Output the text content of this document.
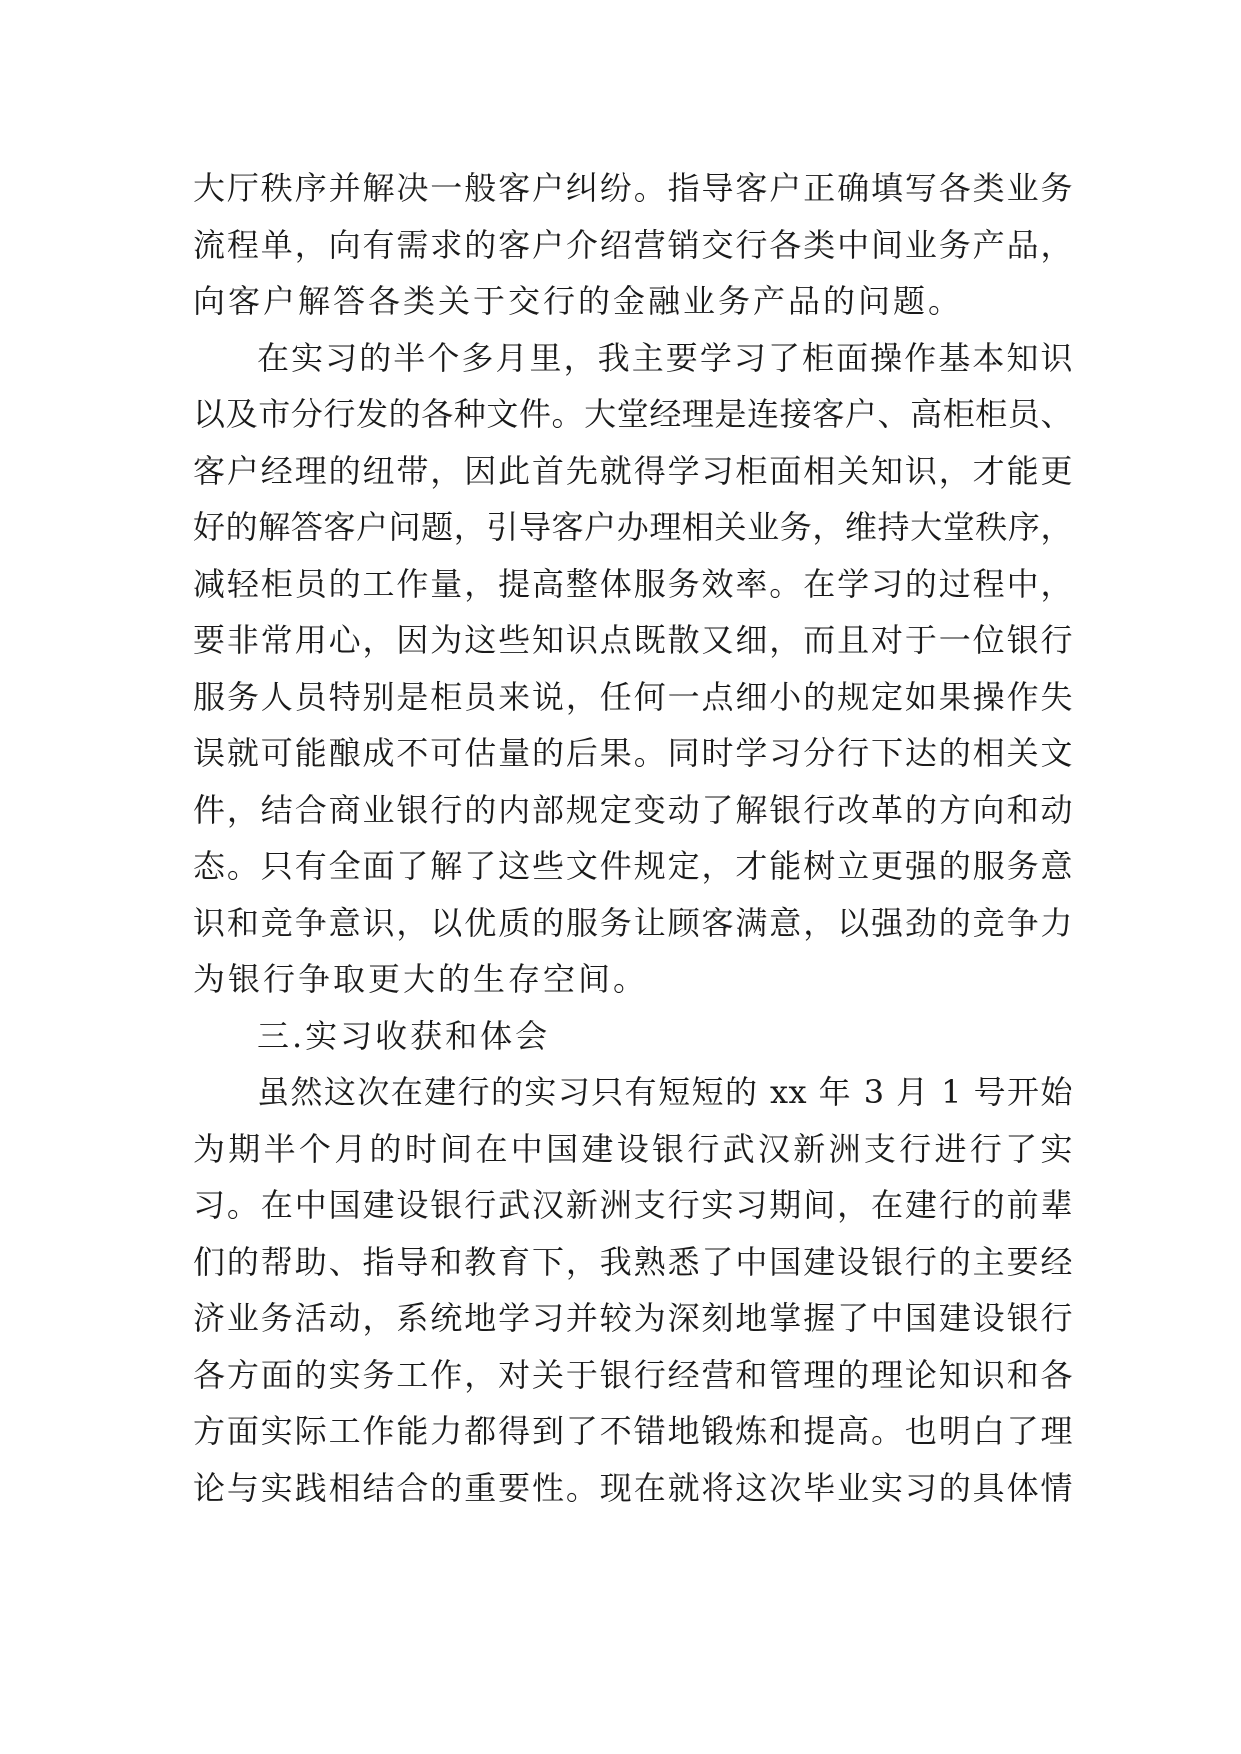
大厅秩序并解决一般客户纠纷。指导客户正确填写各类业务
流程单，向有需求的客户介绍营销交行各类中间业务产品，
向客户解答各类关于交行的金融业务产品的问题。
在实习的半个多月里，我主要学习了柜面操作基本知识
以及市分行发的各种文件。大堂经理是连接客户、高柜柜员、
客户经理的纽带，因此首先就得学习柜面相关知识，才能更
好的解答客户问题，引导客户办理相关业务，维持大堂秩序，
减轻柜员的工作量，提高整体服务效率。在学习的过程中，
要非常用心，因为这些知识点既散又细，而且对于一位银行
服务人员特别是柜员来说，任何一点细小的规定如果操作失
误就可能酿成不可估量的后果。同时学习分行下达的相关文
件，结合商业银行的内部规定变动了解银行改革的方向和动
态。只有全面了解了这些文件规定，才能树立更强的服务意
识和竞争意识，以优质的服务让顾客满意，以强劲的竞争力
为银行争取更大的生存空间。
三.实习收获和体会
虽然这次在建行的实习只有短短的 xx 年 3 月 1 号开始
为期半个月的时间在中国建设银行武汉新洲支行进行了实
习。在中国建设银行武汉新洲支行实习期间，在建行的前辈
们的帮助、指导和教育下，我熟悉了中国建设银行的主要经
济业务活动，系统地学习并较为深刻地掌握了中国建设银行
各方面的实务工作，对关于银行经营和管理的理论知识和各
方面实际工作能力都得到了不错地锻炼和提高。也明白了理
论与实践相结合的重要性。现在就将这次毕业实习的具体情
